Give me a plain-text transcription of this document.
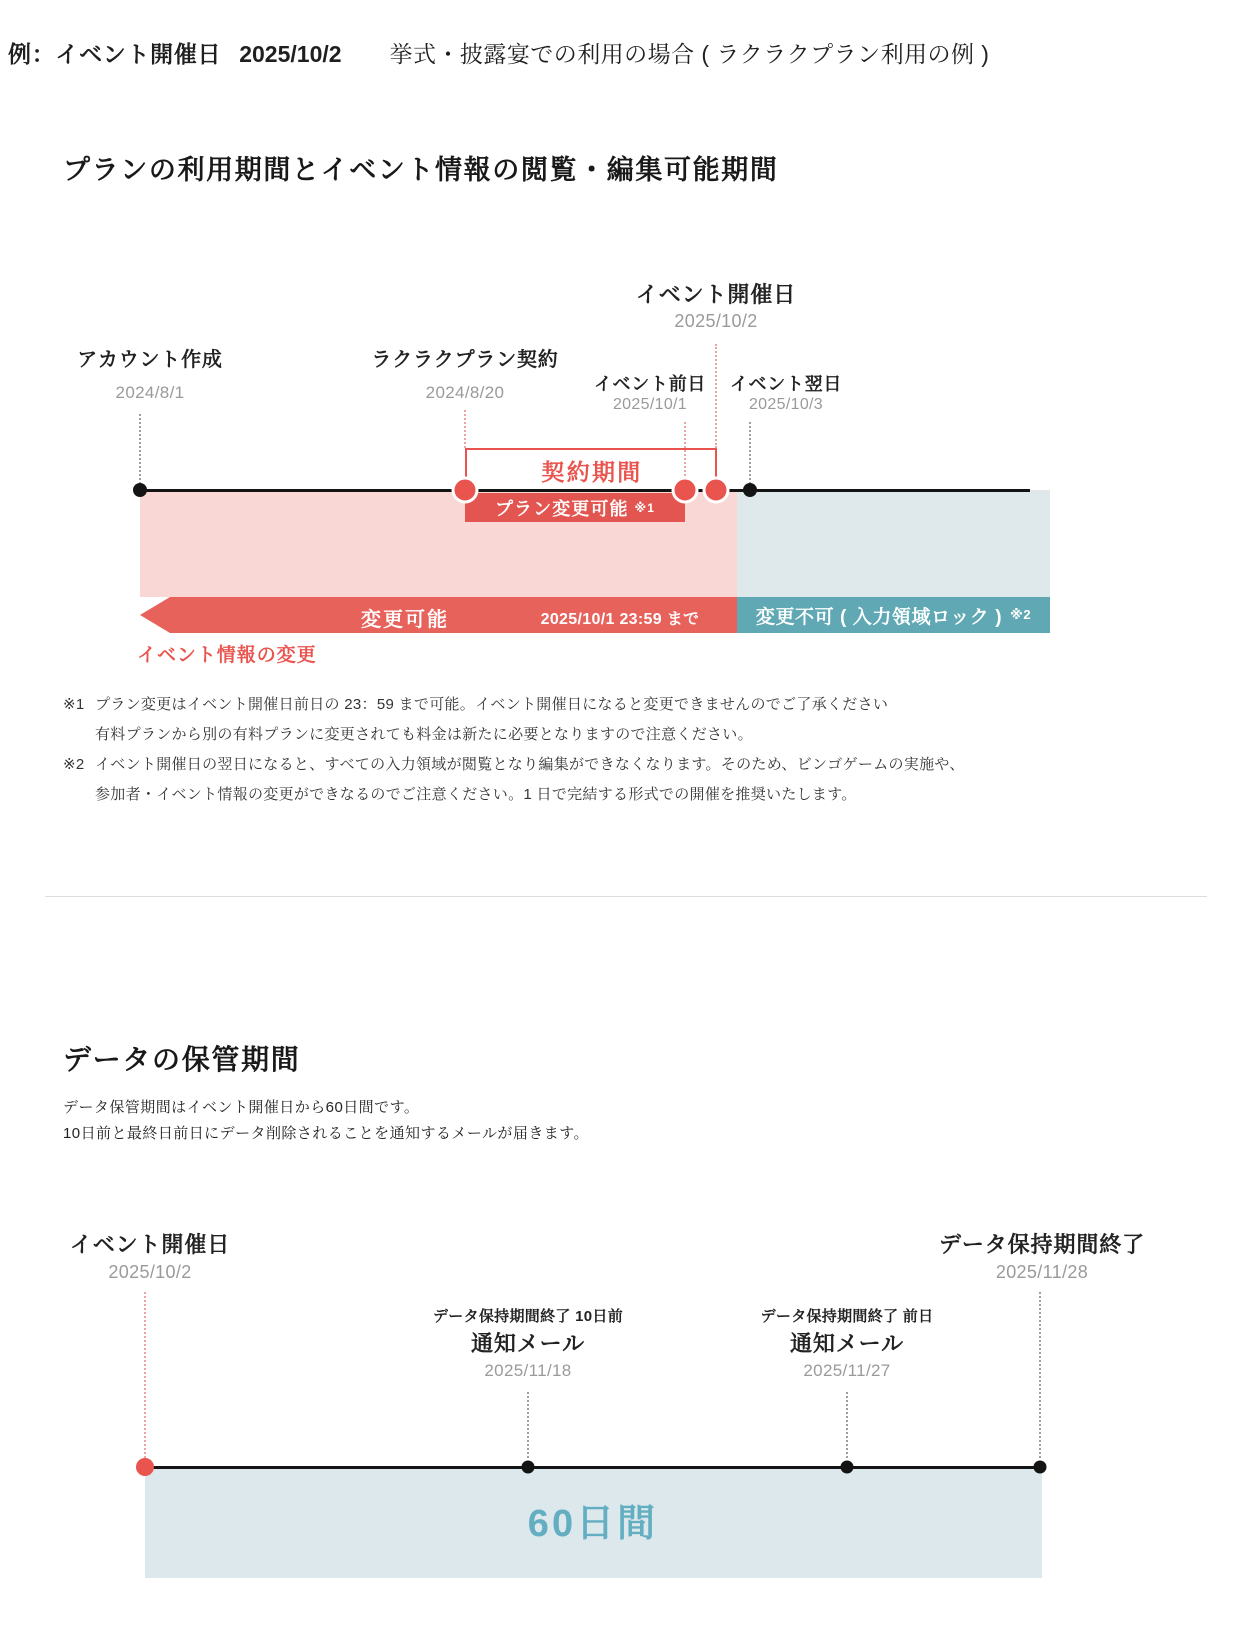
例：イベント開催日 2025/10/2 挙式・披露宴での利用の場合 ( ラクラクプラン利用の例 )
プランの利用期間とイベント情報の閲覧・編集可能期間
アカウント作成
2024/8/1
ラクラクプラン契約
2024/8/20
イベント開催日
2025/10/2
イベント前日
2025/10/1
イベント翌日
2025/10/3
契約期間
プラン変更可能 ※1
変更可能	2025/10/1 23:59 まで	変更不可 ( 入力領域ロック ) ※2
イベント情報の変更
※1 プラン変更はイベント開催日前日の 23：59 まで可能。イベント開催日になると変更できませんのでご了承ください
有料プランから別の有料プランに変更されても料金は新たに必要となりますので注意ください。
※2 イベント開催日の翌日になると、すべての入力領域が閲覧となり編集ができなくなります。そのため、ビンゴゲームの実施や、
参加者・イベント情報の変更ができなるのでご注意ください。1 日で完結する形式での開催を推奨いたします。
データの保管期間
データ保管期間はイベント開催日から60日間です。
10日前と最終日前日にデータ削除されることを通知するメールが届きます。
イベント開催日
2025/10/2
データ保持期間終了
2025/11/28
データ保持期間終了 10日前
通知メール
2025/11/18
データ保持期間終了 前日
通知メール
2025/11/27
60日間
